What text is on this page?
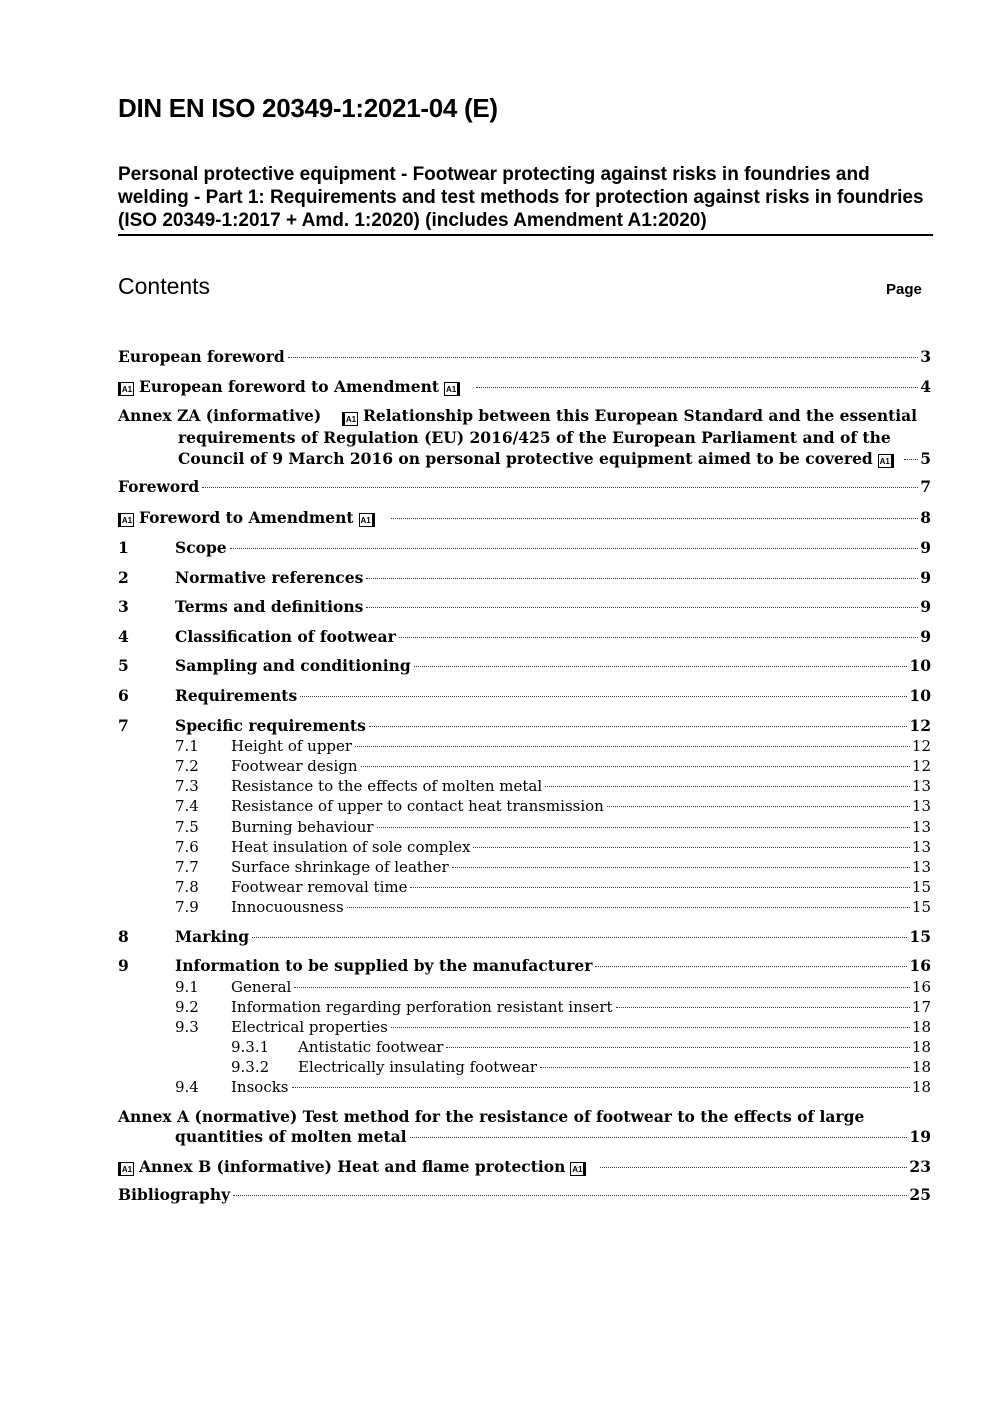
DIN EN ISO 20349-1:2021-04 (E)
Personal protective equipment - Footwear protecting against risks in foundries and welding - Part 1: Requirements and test methods for protection against risks in foundries (ISO 20349-1:2017 + Amd. 1:2020) (includes Amendment A1:2020)
Contents	Page
European foreword	3
A1 European foreword to Amendment A1	4
Annex ZA (informative)	A1 Relationship between this European Standard and the essential
requirements of Regulation (EU) 2016/425 of the European Parliament and of the
Council of 9 March 2016 on personal protective equipment aimed to be covered A1 5
Foreword	7
A1 Foreword to Amendment A1	8
1	Scope	9
2	Normative references	9
3	Terms and definitions	9
4	Classification of footwear	9
5	Sampling and conditioning	10
6	Requirements	10
7	Specific requirements	12
7.1	Height of upper	12
7.2	Footwear design	12
7.3	Resistance to the effects of molten metal	13
7.4	Resistance of upper to contact heat transmission	13
7.5	Burning behaviour	13
7.6	Heat insulation of sole complex	13
7.7	Surface shrinkage of leather	13
7.8	Footwear removal time	15
7.9	Innocuousness	15
8	Marking	15
9	Information to be supplied by the manufacturer	16
9.1	General	16
9.2	Information regarding perforation resistant insert	17
9.3	Electrical properties	18
9.3.1	Antistatic footwear	18
9.3.2	Electrically insulating footwear	18
9.4	Insocks	18
Annex A (normative) Test method for the resistance of footwear to the effects of large
quantities of molten metal	19
A1 Annex B (informative) Heat and flame protection A1	23
Bibliography	25
